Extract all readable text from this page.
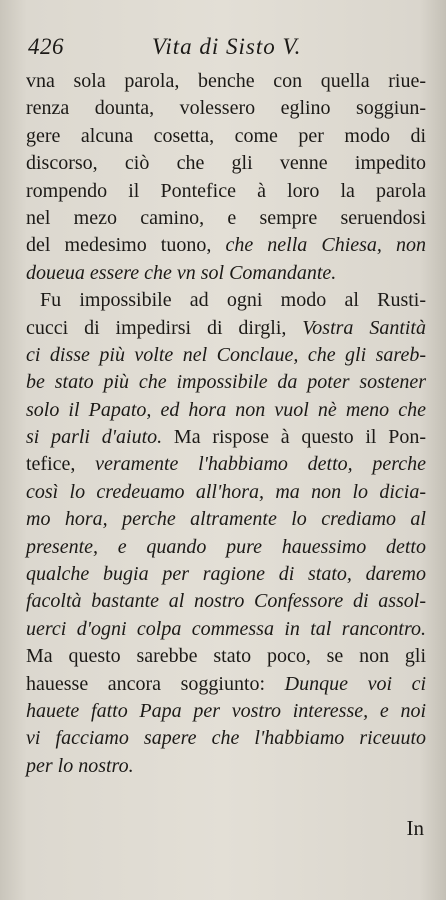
426	Vita di Sisto V.
vna sola parola, benche con quella riue-
renza dounta, volessero eglino soggiun-
gere alcuna cosetta, come per modo di
discorso, ciò che gli venne impedito
rompendo il Pontefice à loro la parola
nel mezo camino, e sempre seruendosi
del medesimo tuono, che nella Chiesa, non
doueua essere che vn sol Comandante.
Fu impossibile ad ogni modo al Rusti-
cucci di impedirsi di dirgli, Vostra Santità
ci disse più volte nel Conclaue, che gli sareb-
be stato più che impossibile da poter sostener
solo il Papato, ed hora non vuol nè meno che
si parli d'aiuto. Ma rispose à questo il Pon-
tefice, veramente l'habbiamo detto, perche
così lo credeuamo all'hora, ma non lo dicia-
mo hora, perche altramente lo crediamo al
presente, e quando pure hauessimo detto
qualche bugia per ragione di stato, daremo
facoltà bastante al nostro Confessore di assol-
uerci d'ogni colpa commessa in tal rancontro.
Ma questo sarebbe stato poco, se non gli
hauesse ancora soggiunto: Dunque voi ci
hauete fatto Papa per vostro interesse, e noi
vi facciamo sapere che l'habbiamo riceuuto
per lo nostro.
In
